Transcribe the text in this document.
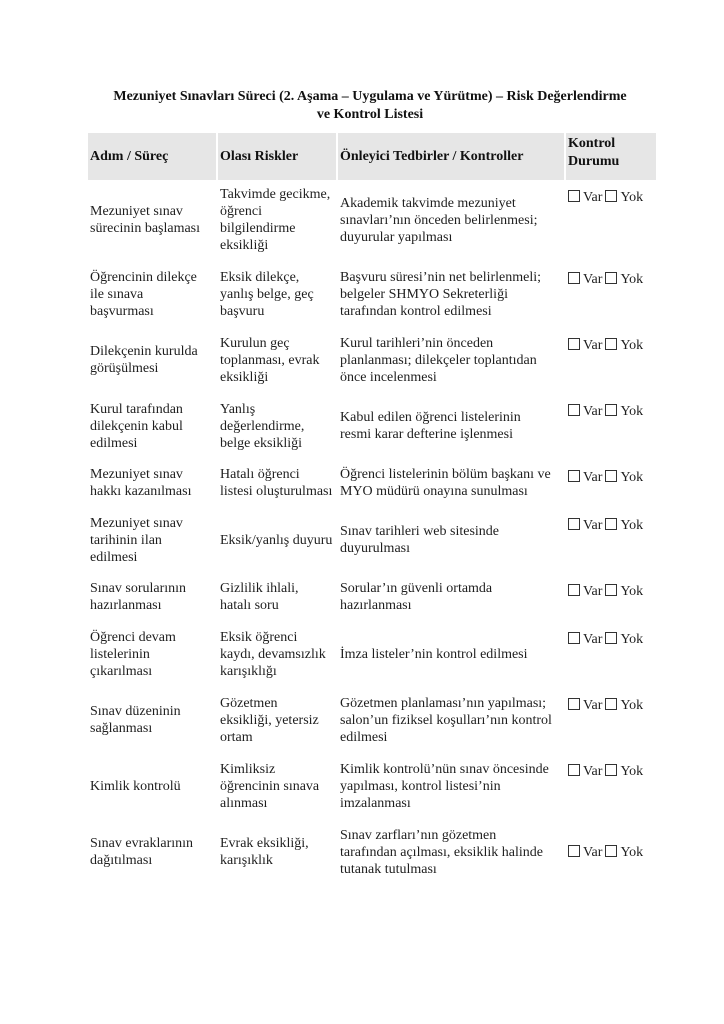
Mezuniyet Sınavları Süreci (2. Aşama – Uygulama ve Yürütme) – Risk Değerlendirme
ve Kontrol Listesi
Adım / Süreç	Olası Riskler	Önleyici Tedbirler / Kontroller	Kontrol
Durumu

Mezuniyet sınav
sürecinin başlaması	Takvimde gecikme,
öğrenci
bilgilendirme
eksikliği	Akademik takvimde mezuniyet
sınavları’nın önceden belirlenmesi;
duyurular yapılması	Var Yok

Öğrencinin dilekçe
ile sınava
başvurması	Eksik dilekçe,
yanlış belge, geç
başvuru	Başvuru süresi’nin net belirlenmeli;
belgeler SHMYO Sekreterliği
tarafından kontrol edilmesi	Var Yok

Dilekçenin kurulda
görüşülmesi	Kurulun geç
toplanması, evrak
eksikliği	Kurul tarihleri’nin önceden
planlanması; dilekçeler toplantıdan
önce incelenmesi	Var Yok

Kurul tarafından
dilekçenin kabul
edilmesi	Yanlış
değerlendirme,
belge eksikliği	Kabul edilen öğrenci listelerinin
resmi karar defterine işlenmesi	Var Yok

Mezuniyet sınav
hakkı kazanılması	Hatalı öğrenci
listesi oluşturulması	Öğrenci listelerinin bölüm başkanı ve
MYO müdürü onayına sunulması	Var Yok

Mezuniyet sınav
tarihinin ilan
edilmesi	Eksik/yanlış duyuru	Sınav tarihleri web sitesinde
duyurulması	Var Yok

Sınav sorularının
hazırlanması	Gizlilik ihlali,
hatalı soru	Sorular’ın güvenli ortamda
hazırlanması	Var Yok

Öğrenci devam
listelerinin
çıkarılması	Eksik öğrenci
kaydı, devamsızlık
karışıklığı	İmza listeler’nin kontrol edilmesi	Var Yok

Sınav düzeninin
sağlanması	Gözetmen
eksikliği, yetersiz
ortam	Gözetmen planlaması’nın yapılması;
salon’un fiziksel koşulları’nın kontrol
edilmesi	Var Yok

Kimlik kontrolü	Kimliksiz
öğrencinin sınava
alınması	Kimlik kontrolü’nün sınav öncesinde
yapılması, kontrol listesi’nin
imzalanması	Var Yok

Sınav evraklarının
dağıtılması	Evrak eksikliği,
karışıklık	Sınav zarfları’nın gözetmen
tarafından açılması, eksiklik halinde
tutanak tutulması	Var Yok
